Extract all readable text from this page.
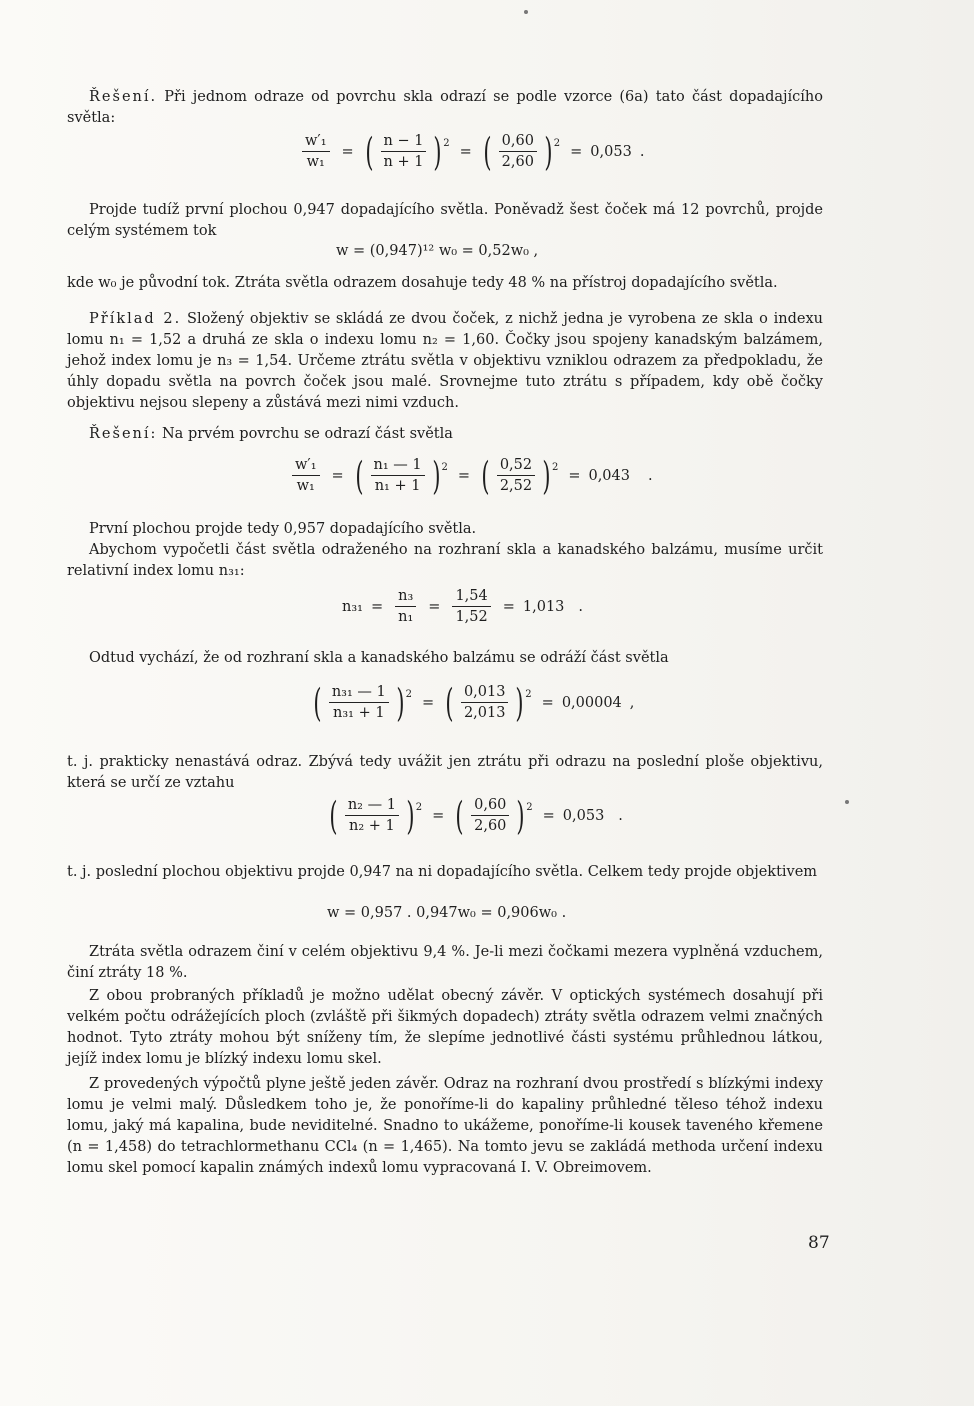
Řešení. Při jednom odraze od povrchu skla odrazí se podle vzorce (6a) tato část dopadajícího světla:

$\frac{\text{w′₁}}{\text{w₁}}$ = ( $\frac{n - 1}{n + 1}$ ) 2 = ( $\frac{0,60}{2,60}$ ) 2 = 0,053 .

Projde tudíž první plochou 0,947 dopadajícího světla. Poněvadž šest čoček má 12 povrchů, projde celým systémem tok

w = (0,947)¹² w₀ = 0,52w₀ ,

kde w₀ je původní tok. Ztráta světla odrazem dosahuje tedy 48 % na přístroj dopadajícího světla.

Příklad 2. Složený objektiv se skládá ze dvou čoček, z nichž jedna je vyrobena ze skla o indexu lomu n₁ = 1,52 a druhá ze skla o indexu lomu n₂ = 1,60. Čočky jsou spojeny kanadským balzámem, jehož index lomu je n₃ = 1,54. Určeme ztrátu světla v objektivu vzniklou odrazem za předpokladu, že úhly dopadu světla na povrch čoček jsou malé. Srovnejme tuto ztrátu s případem, kdy obě čočky objektivu nejsou slepeny a zůstává mezi nimi vzduch.

Řešení: Na prvém povrchu se odrazí část světla

$\frac{\text{w′₁}}{\text{w₁}}$ = ( $\frac{\text{n₁ — 1}}{\text{n₁ + 1}}$ ) 2 = ( $\frac{0,52}{2,52}$ ) 2 = 0,043 .

První plochou projde tedy 0,957 dopadajícího světla.

Abychom vypočetli část světla odraženého na rozhraní skla a kanadského balzámu, musíme určit relativní index lomu n₃₁:

$n_{31} = \frac{\text{n₃}}{\text{n₁}} = \frac{1,54}{1,52} = 1,013$ .

Odtud vychází, že od rozhraní skla a kanadského balzámu se odráží část světla

( $\frac{\text{n₃₁ — 1}}{\text{n₃₁ + 1}}$ ) 2 = ( $\frac{0,013}{2,013}$ ) 2 = 0,00004 ,

t. j. prakticky nenastává odraz. Zbývá tedy uvážit jen ztrátu při odrazu na poslední ploše objektivu, která se určí ze vztahu

( $\frac{\text{n₂ — 1}}{\text{n₂ + 1}}$ ) 2 = ( $\frac{0,60}{2,60}$ ) 2 = 0,053 .

t. j. poslední plochou objektivu projde 0,947 na ni dopadajícího světla. Celkem tedy projde objektivem

w = 0,957 . 0,947w₀ = 0,906w₀ .

Ztráta světla odrazem činí v celém objektivu 9,4 %. Je-li mezi čočkami mezera vyplněná vzduchem, činí ztráty 18 %.

Z obou probraných příkladů je možno udělat obecný závěr. V optických systémech dosahují při velkém počtu odrážejících ploch (zvláště při šikmých dopadech) ztráty světla odrazem velmi značných hodnot. Tyto ztráty mohou být sníženy tím, že slepíme jednotlivé části systému průhlednou látkou, jejíž index lomu je blízký indexu lomu skel.

Z provedených výpočtů plyne ještě jeden závěr. Odraz na rozhraní dvou prostředí s blízkými indexy lomu je velmi malý. Důsledkem toho je, že ponoříme-li do kapaliny průhledné těleso téhož indexu lomu, jaký má kapalina, bude neviditelné. Snadno to ukážeme, ponoříme-li kousek taveného křemene (n = 1,458) do tetrachlormethanu CCl₄ (n = 1,465). Na tomto jevu se zakládá methoda určení indexu lomu skel pomocí kapalin známých indexů lomu vypracovaná I. V. Obreimovem.

87
